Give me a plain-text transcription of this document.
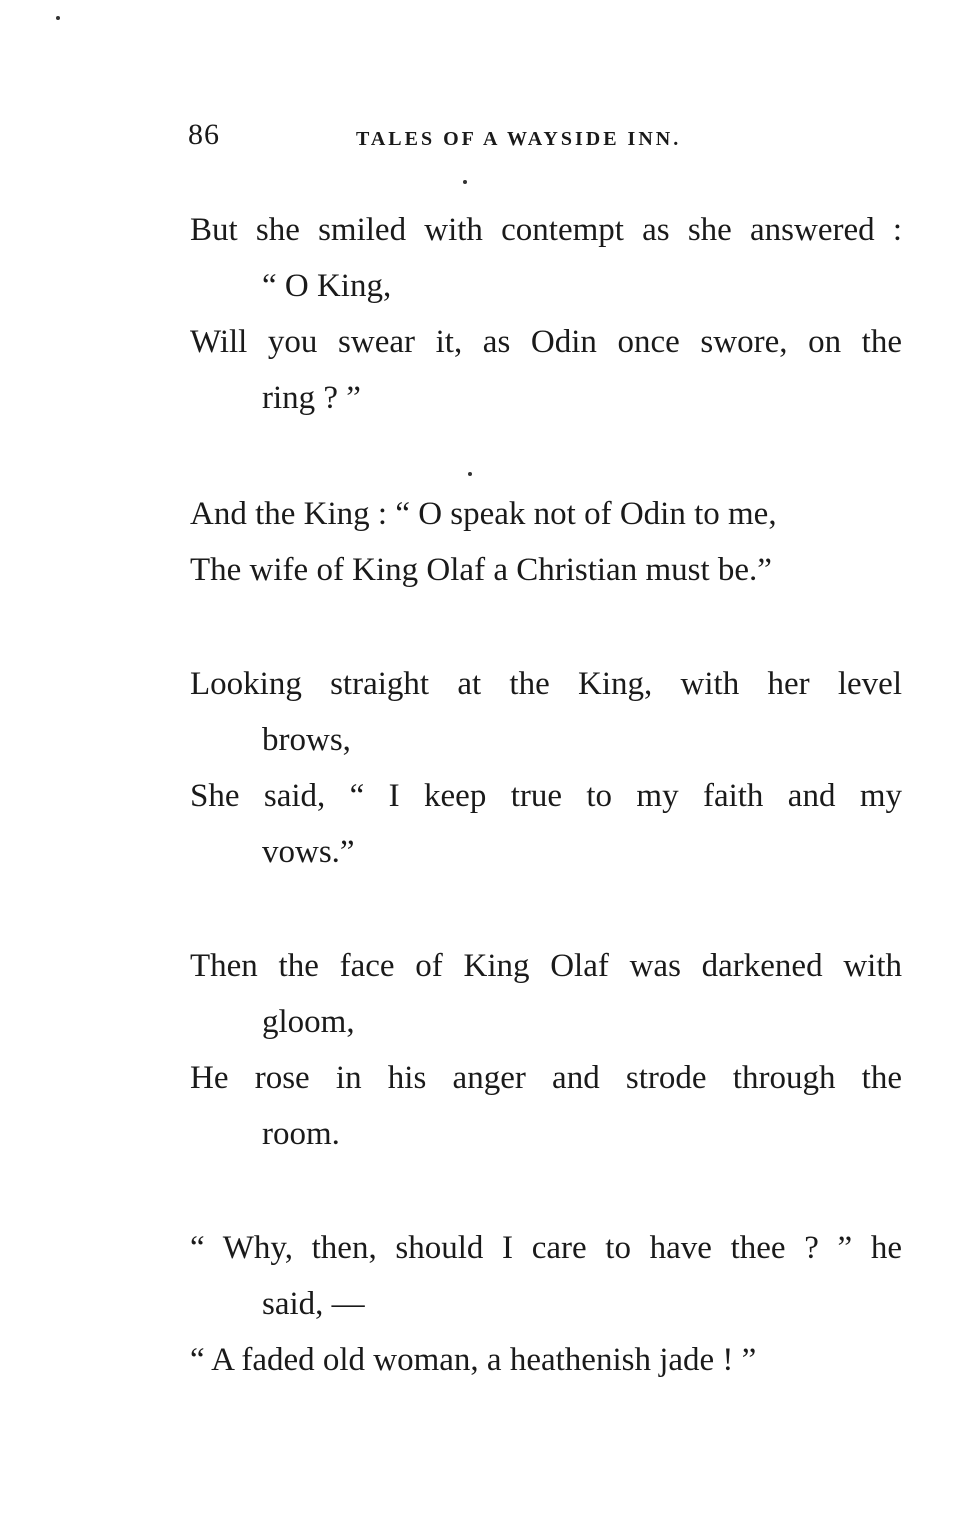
86	TALES OF A WAYSIDE INN.
But she smiled with contempt as she answered :
“ O King,
Will you swear it, as Odin once swore, on the
ring ? ”
And the King : “ O speak not of Odin to me,
The wife of King Olaf a Christian must be.”
Looking straight at the King, with her level
brows,
She said, “ I keep true to my faith and my
vows.”
Then the face of King Olaf was darkened with
gloom,
He rose in his anger and strode through the
room.
“ Why, then, should I care to have thee ? ” he
said, —
“ A faded old woman, a heathenish jade ! ”
